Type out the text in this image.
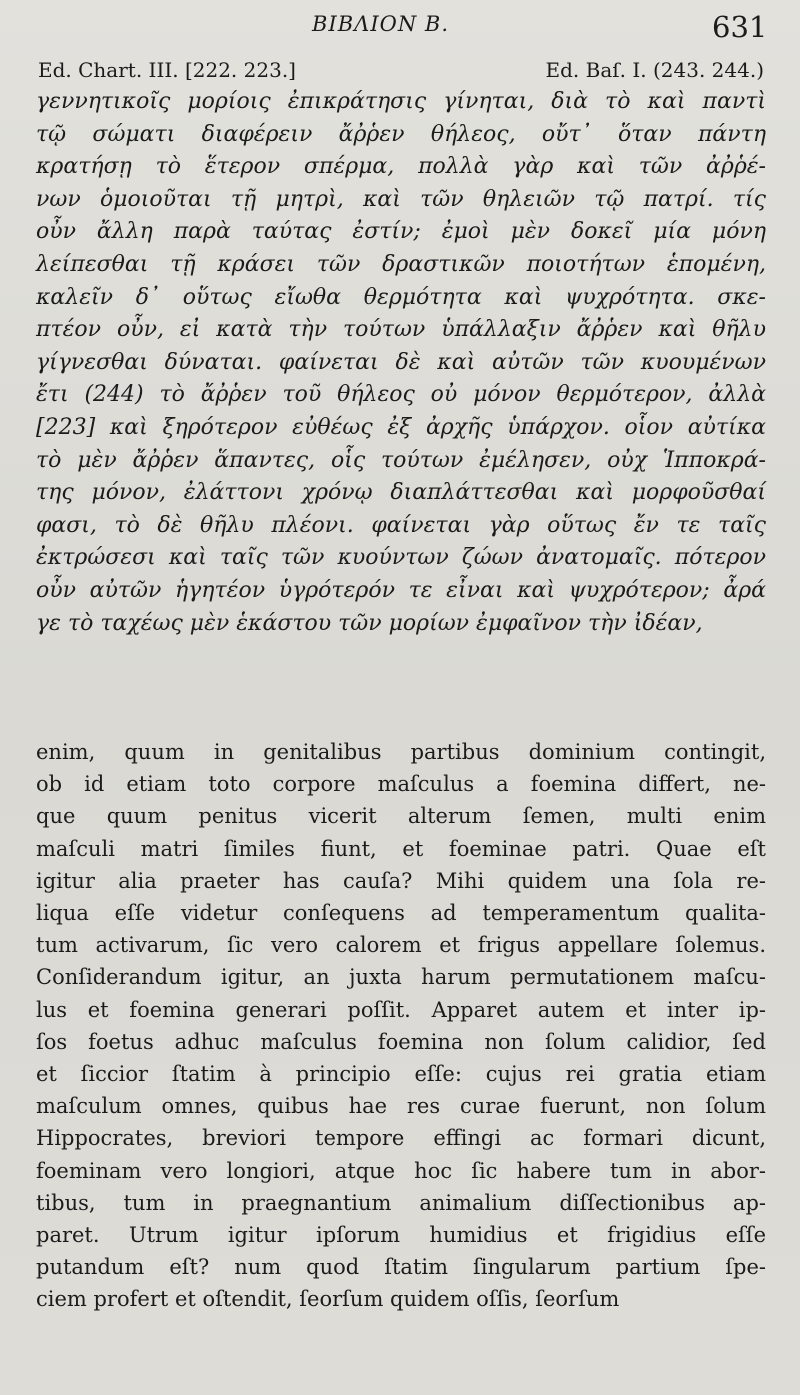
BIBΛΙΟΝ Β.	631
Ed. Chart. III. [222. 223.]	Ed. Baſ. I. (243. 244.)
γεννητικοῖς μορίοις ἐπικράτησις γίνηται, διὰ τὸ καὶ παντὶ
τῷ σώματι διαφέρειν ἄῤῥεν θήλεος, οὔτ᾽ ὅταν πάντη
κρατήσῃ τὸ ἕτερον σπέρμα, πολλὰ γὰρ καὶ τῶν ἀῤῥέ-
νων ὁμοιοῦται τῇ μητρὶ, καὶ τῶν θηλειῶν τῷ πατρί. τίς
οὖν ἄλλη παρὰ ταύτας ἐστίν; ἐμοὶ μὲν δοκεῖ μία μόνη
λείπεσθαι τῇ κράσει τῶν δραστικῶν ποιοτήτων ἑπομένη,
καλεῖν δ᾽ οὕτως εἴωθα θερμότητα καὶ ψυχρότητα. σκε-
πτέον οὖν, εἰ κατὰ τὴν τούτων ὑπάλλαξιν ἄῤῥεν καὶ θῆλυ
γίγνεσθαι δύναται. φαίνεται δὲ καὶ αὐτῶν τῶν κυουμένων
ἔτι (244) τὸ ἄῤῥεν τοῦ θήλεος οὐ μόνον θερμότερον, ἀλλὰ
[223] καὶ ξηρότερον εὐθέως ἐξ ἀρχῆς ὑπάρχον. οἷον αὐτίκα
τὸ μὲν ἄῤῥεν ἅπαντες, οἷς τούτων ἐμέλησεν, οὐχ Ἱπποκρά-
της μόνον, ἐλάττονι χρόνῳ διαπλάττεσθαι καὶ μορφοῦσθαί
φασι, τὸ δὲ θῆλυ πλέονι. φαίνεται γὰρ οὕτως ἔν τε ταῖς
ἐκτρώσεσι καὶ ταῖς τῶν κυούντων ζώων ἀνατομαῖς. πότερον
οὖν αὐτῶν ἡγητέον ὑγρότερόν τε εἶναι καὶ ψυχρότερον; ἆρά
γε τὸ ταχέως μὲν ἑκάστου τῶν μορίων ἐμφαῖνον τὴν ἰδέαν,
enim, quum in genitalibus partibus dominium contingit,
ob id etiam toto corpore maſculus a foemina differt, ne-
que quum penitus vicerit alterum ſemen, multi enim
maſculi matri ſimiles fiunt, et foeminae patri. Quae eſt
igitur alia praeter has cauſa? Mihi quidem una ſola re-
liqua eſſe videtur conſequens ad temperamentum qualita-
tum activarum, ſic vero calorem et frigus appellare ſolemus.
Conſiderandum igitur, an juxta harum permutationem maſcu-
lus et foemina generari poſſit. Apparet autem et inter ip-
ſos foetus adhuc maſculus foemina non ſolum calidior, ſed
et ſiccior ſtatim à principio eſſe: cujus rei gratia etiam
maſculum omnes, quibus hae res curae fuerunt, non ſolum
Hippocrates, breviori tempore effingi ac formari dicunt,
foeminam vero longiori, atque hoc ſic habere tum in abor-
tibus, tum in praegnantium animalium diſſectionibus ap-
paret. Utrum igitur ipſorum humidius et frigidius eſſe
putandum eſt? num quod ſtatim ſingularum partium ſpe-
ciem profert et oſtendit, ſeorſum quidem oſſis, ſeorſum
